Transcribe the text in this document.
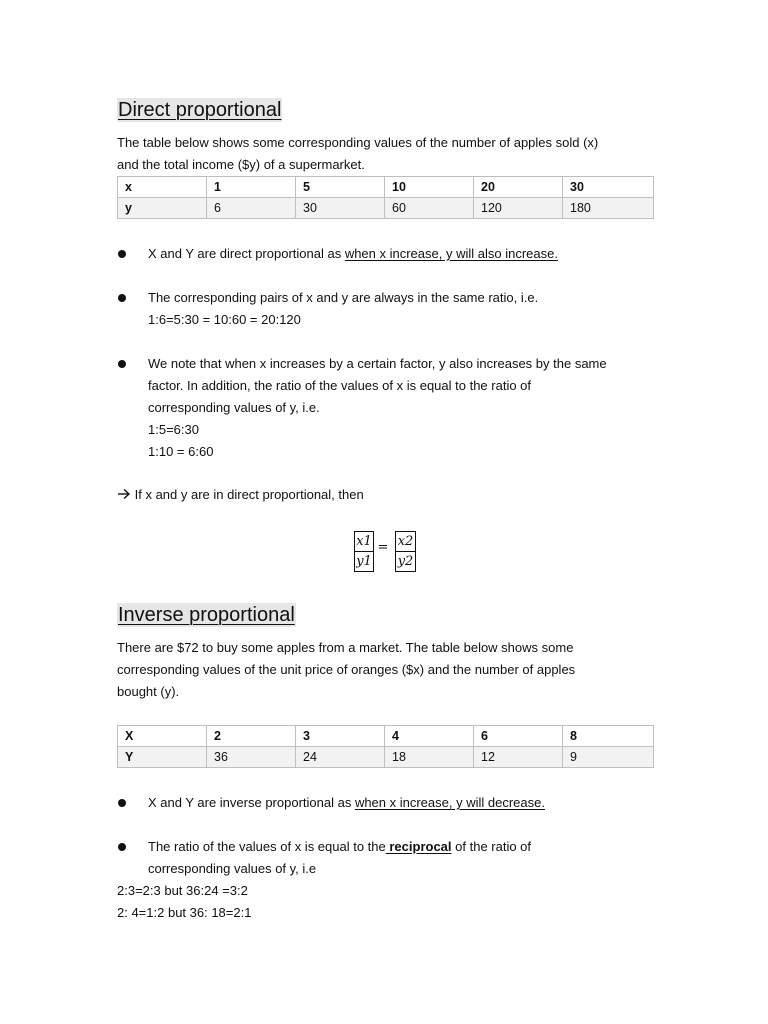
Direct proportional
The table below shows some corresponding values of the number of apples sold (x)
and the total income ($y) of a supermarket.
x	1	5	10	20	30
y	6	30	60	120	180
X and Y are direct proportional as when x increase, y will also increase.
The corresponding pairs of x and y are always in the same ratio, i.e.
1:6=5:30 = 10:60 = 20:120
We note that when x increases by a certain factor, y also increases by the same
factor. In addition, the ratio of the values of x is equal to the ratio of
corresponding values of y, i.e.
1:5=6:30
1:10 = 6:60
If x and y are in direct proportional, then
x1
y1
= x2
y2
Inverse proportional
There are $72 to buy some apples from a market. The table below shows some
corresponding values of the unit price of oranges ($x) and the number of apples
bought (y).
X	2	3	4	6	8
Y	36	24	18	12	9
X and Y are inverse proportional as when x increase, y will decrease.
The ratio of the values of x is equal to the reciprocal of the ratio of
corresponding values of y, i.e
2:3=2:3 but 36:24 =3:2
2: 4=1:2 but 36: 18=2:1
